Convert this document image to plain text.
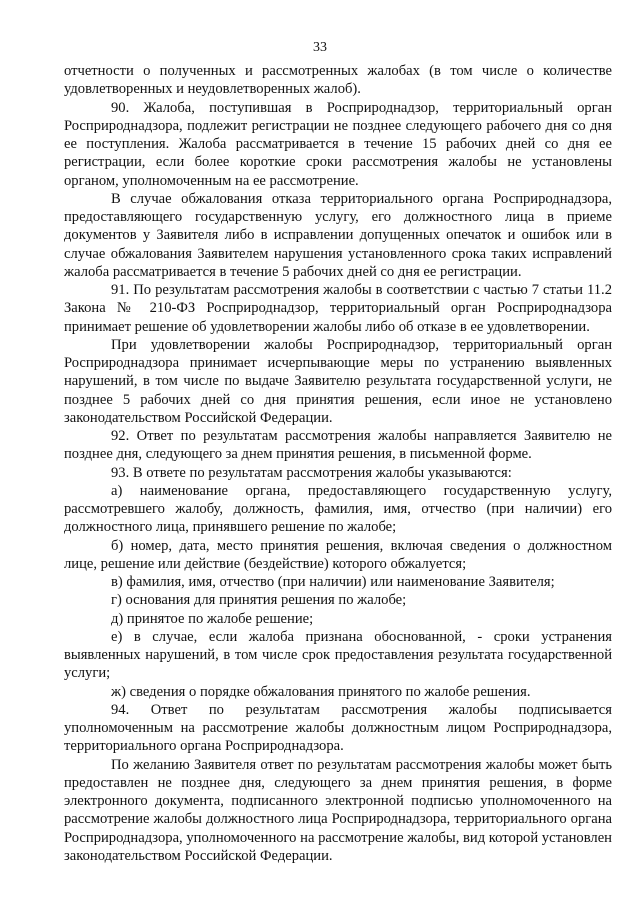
33

отчетности о полученных и рассмотренных жалобах (в том числе о количестве удовлетворенных и неудовлетворенных жалоб).

90. Жалоба, поступившая в Росприроднадзор, территориальный орган Росприроднадзора, подлежит регистрации не позднее следующего рабочего дня со дня ее поступления. Жалоба рассматривается в течение 15 рабочих дней со дня ее регистрации, если более короткие сроки рассмотрения жалобы не установлены органом, уполномоченным на ее рассмотрение.

В случае обжалования отказа территориального органа Росприроднадзора, предоставляющего государственную услугу, его должностного лица в приеме документов у Заявителя либо в исправлении допущенных опечаток и ошибок или в случае обжалования Заявителем нарушения установленного срока таких исправлений жалоба рассматривается в течение 5 рабочих дней со дня ее регистрации.

91. По результатам рассмотрения жалобы в соответствии с частью 7 статьи 11.2 Закона № 210-ФЗ Росприроднадзор, территориальный орган Росприроднадзора принимает решение об удовлетворении жалобы либо об отказе в ее удовлетворении.

При удовлетворении жалобы Росприроднадзор, территориальный орган Росприроднадзора принимает исчерпывающие меры по устранению выявленных нарушений, в том числе по выдаче Заявителю результата государственной услуги, не позднее 5 рабочих дней со дня принятия решения, если иное не установлено законодательством Российской Федерации.

92. Ответ по результатам рассмотрения жалобы направляется Заявителю не позднее дня, следующего за днем принятия решения, в письменной форме.

93. В ответе по результатам рассмотрения жалобы указываются:

а) наименование органа, предоставляющего государственную услугу, рассмотревшего жалобу, должность, фамилия, имя, отчество (при наличии) его должностного лица, принявшего решение по жалобе;

б) номер, дата, место принятия решения, включая сведения о должностном лице, решение или действие (бездействие) которого обжалуется;

в) фамилия, имя, отчество (при наличии) или наименование Заявителя;

г) основания для принятия решения по жалобе;

д) принятое по жалобе решение;

е) в случае, если жалоба признана обоснованной, - сроки устранения выявленных нарушений, в том числе срок предоставления результата государственной услуги;

ж) сведения о порядке обжалования принятого по жалобе решения.

94. Ответ по результатам рассмотрения жалобы подписывается уполномоченным на рассмотрение жалобы должностным лицом Росприроднадзора, территориального органа Росприроднадзора.

По желанию Заявителя ответ по результатам рассмотрения жалобы может быть предоставлен не позднее дня, следующего за днем принятия решения, в форме электронного документа, подписанного электронной подписью уполномоченного на рассмотрение жалобы должностного лица Росприроднадзора, территориального органа Росприроднадзора, уполномоченного на рассмотрение жалобы, вид которой установлен законодательством Российской Федерации.
